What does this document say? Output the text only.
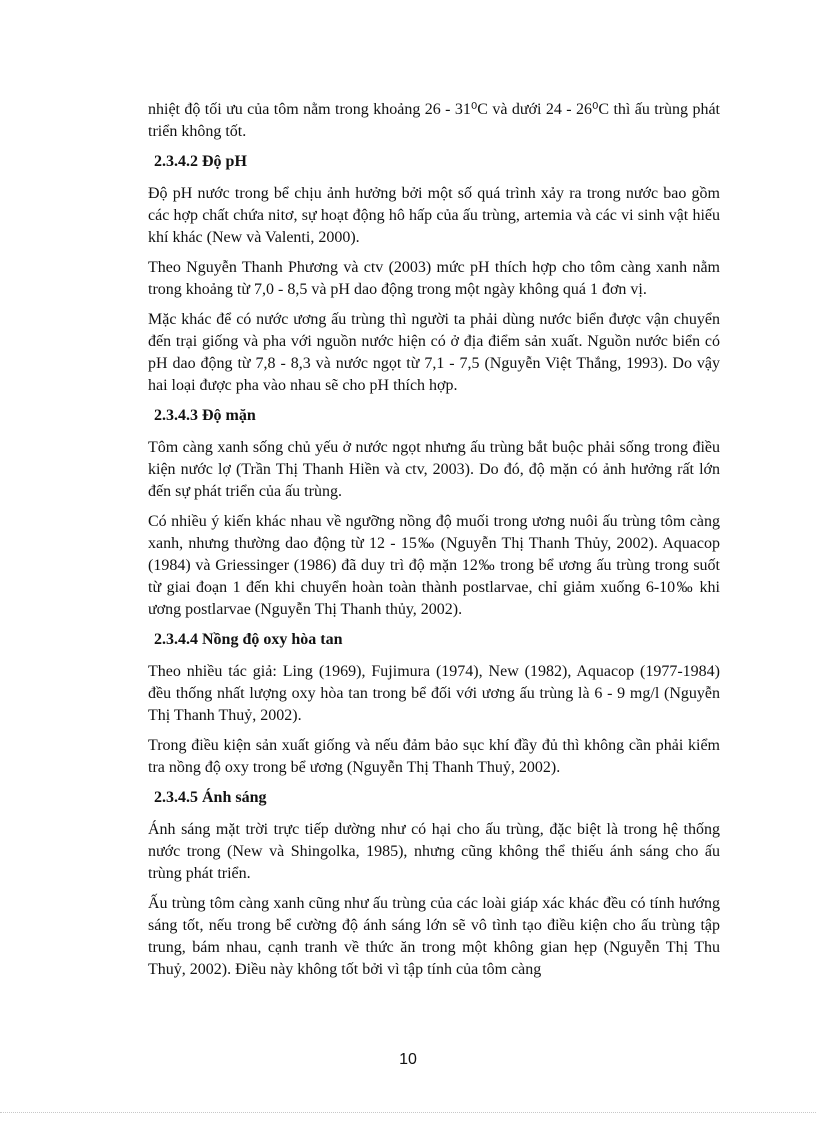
nhiệt độ tối ưu của tôm nằm trong khoảng 26 - 31⁰C và dưới 24 - 26⁰C thì ấu trùng phát triển không tốt.

2.3.4.2 Độ pH

Độ pH nước trong bể chịu ảnh hưởng bởi một số quá trình xảy ra trong nước bao gồm các hợp chất chứa nitơ, sự hoạt động hô hấp của ấu trùng, artemia và các vi sinh vật hiếu khí khác (New và Valenti, 2000).

Theo Nguyễn Thanh Phương và ctv (2003) mức pH thích hợp cho tôm càng xanh nằm trong khoảng từ 7,0 - 8,5 và pH dao động trong một ngày không quá 1 đơn vị.

Mặc khác để có nước ương ấu trùng thì người ta phải dùng nước biển được vận chuyển đến trại giống và pha với nguồn nước hiện có ở địa điểm sản xuất. Nguồn nước biển có pH dao động từ 7,8 - 8,3 và nước ngọt từ 7,1 - 7,5 (Nguyễn Việt Thắng, 1993). Do vậy hai loại được pha vào nhau sẽ cho pH thích hợp.

2.3.4.3 Độ mặn

Tôm càng xanh sống chủ yếu ở nước ngọt nhưng ấu trùng bắt buộc phải sống trong điều kiện nước lợ (Trần Thị Thanh Hiền và ctv, 2003). Do đó, độ mặn có ảnh hưởng rất lớn đến sự phát triển của ấu trùng.

Có nhiều ý kiến khác nhau về ngưỡng nồng độ muối trong ương nuôi ấu trùng tôm càng xanh, nhưng thường dao động từ 12 - 15‰ (Nguyễn Thị Thanh Thủy, 2002). Aquacop (1984) và Griessinger (1986) đã duy trì độ mặn 12‰ trong bể ương ấu trùng trong suốt từ giai đoạn 1 đến khi chuyển hoàn toàn thành postlarvae, chỉ giảm xuống 6-10‰ khi ương postlarvae (Nguyễn Thị Thanh thủy, 2002).

2.3.4.4 Nồng độ oxy hòa tan

Theo nhiều tác giả: Ling (1969), Fujimura (1974), New (1982), Aquacop (1977-1984) đều thống nhất lượng oxy hòa tan trong bể đối với ương ấu trùng là 6 - 9 mg/l (Nguyễn Thị Thanh Thuỷ, 2002).

Trong điều kiện sản xuất giống và nếu đảm bảo sục khí đầy đủ thì không cần phải kiểm tra nồng độ oxy trong bể ương (Nguyễn Thị Thanh Thuỷ, 2002).

2.3.4.5 Ánh sáng

Ánh sáng mặt trời trực tiếp dường như có hại cho ấu trùng, đặc biệt là trong hệ thống nước trong (New và Shingolka, 1985), nhưng cũng không thể thiếu ánh sáng cho ấu trùng phát triển.

Ấu trùng tôm càng xanh cũng như ấu trùng của các loài giáp xác khác đều có tính hướng sáng tốt, nếu trong bể cường độ ánh sáng lớn sẽ vô tình tạo điều kiện cho ấu trùng tập trung, bám nhau, cạnh tranh về thức ăn trong một không gian hẹp (Nguyễn Thị Thu Thuỷ, 2002). Điều này không tốt bởi vì tập tính của tôm càng

10
